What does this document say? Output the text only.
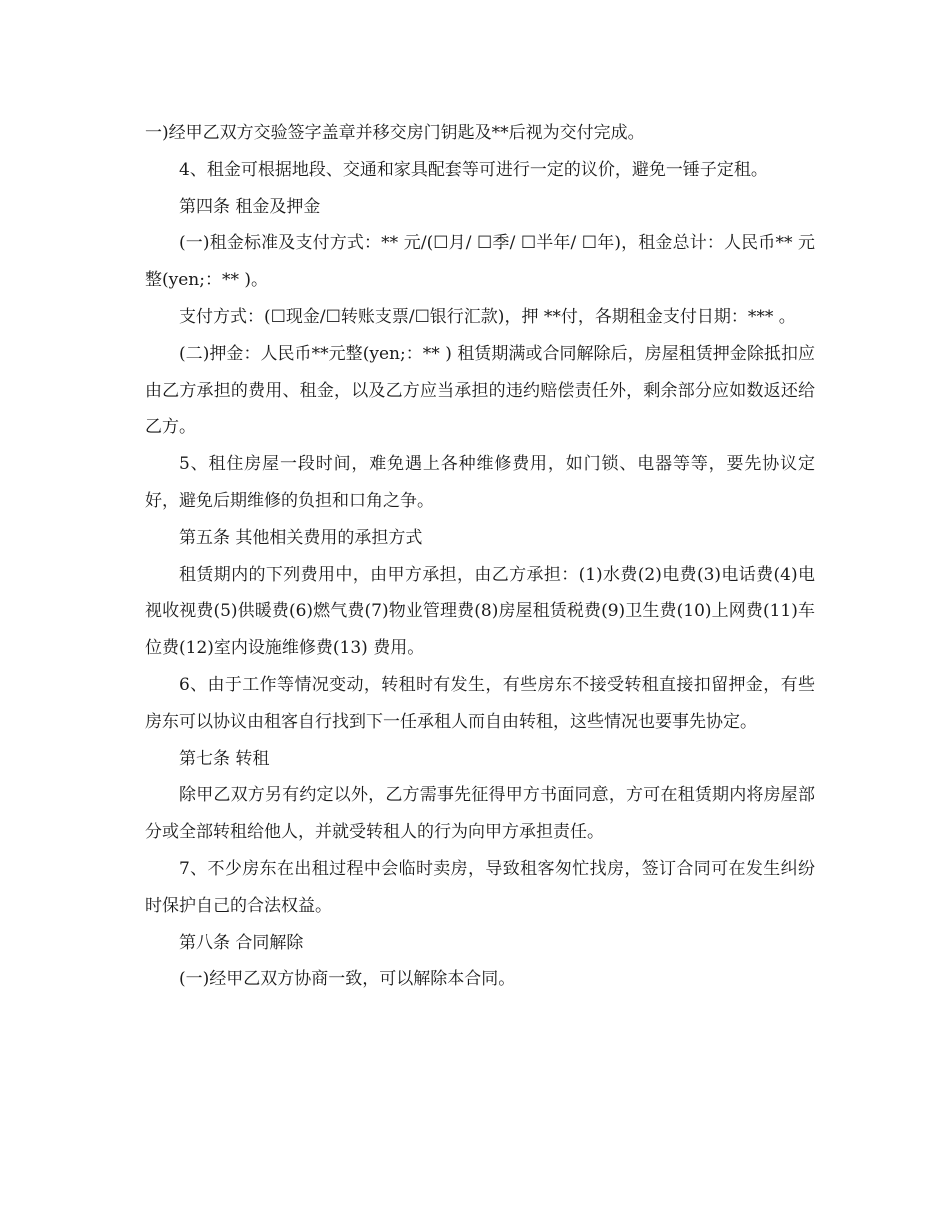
一)经甲乙双方交验签字盖章并移交房门钥匙及**后视为交付完成。

4、租金可根据地段、交通和家具配套等可进行一定的议价，避免一锤子定租。

第四条 租金及押金

(一)租金标准及支付方式：** 元/(☐月/ ☐季/ ☐半年/ ☐年)，租金总计：人民币** 元整(yen;：** )。

支付方式：(☐现金/☐转账支票/☐银行汇款)，押 **付，各期租金支付日期：*** 。

(二)押金：人民币**元整(yen;：** ) 租赁期满或合同解除后，房屋租赁押金除抵扣应由乙方承担的费用、租金，以及乙方应当承担的违约赔偿责任外，剩余部分应如数返还给乙方。

5、租住房屋一段时间，难免遇上各种维修费用，如门锁、电器等等，要先协议定好，避免后期维修的负担和口角之争。

第五条 其他相关费用的承担方式

租赁期内的下列费用中，由甲方承担，由乙方承担：(1)水费(2)电费(3)电话费(4)电视收视费(5)供暖费(6)燃气费(7)物业管理费(8)房屋租赁税费(9)卫生费(10)上网费(11)车位费(12)室内设施维修费(13) 费用。

6、由于工作等情况变动，转租时有发生，有些房东不接受转租直接扣留押金，有些房东可以协议由租客自行找到下一任承租人而自由转租，这些情况也要事先协定。

第七条 转租

除甲乙双方另有约定以外，乙方需事先征得甲方书面同意，方可在租赁期内将房屋部分或全部转租给他人，并就受转租人的行为向甲方承担责任。

7、不少房东在出租过程中会临时卖房，导致租客匆忙找房，签订合同可在发生纠纷时保护自己的合法权益。

第八条 合同解除

(一)经甲乙双方协商一致，可以解除本合同。
